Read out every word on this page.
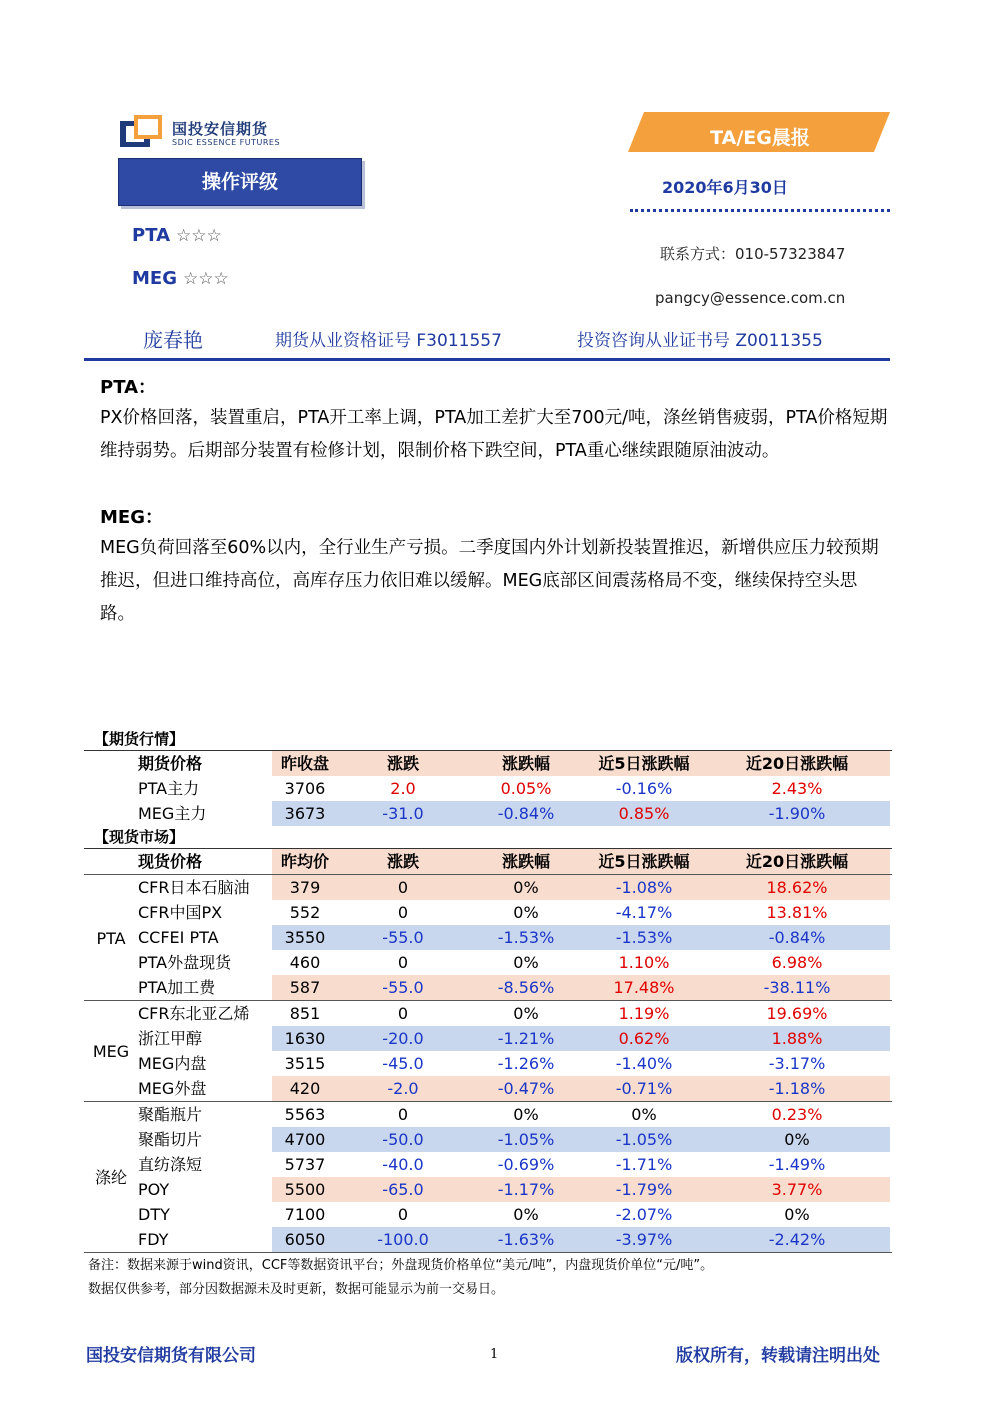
国投安信期货
SDIC ESSENCE FUTURES
操作评级
TA/EG晨报
2020年6月30日
PTA ☆☆☆
MEG ☆☆☆
联系方式：010-57323847
pangcy@essence.com.cn
庞春艳	期货从业资格证号 F3011557	投资咨询从业证书号 Z0011355
PTA：
PX价格回落，装置重启，PTA开工率上调，PTA加工差扩大至700元/吨，涤丝销售疲弱，PTA价格短期维持弱势。后期部分装置有检修计划，限制价格下跌空间，PTA重心继续跟随原油波动。
MEG：
MEG负荷回落至60%以内，全行业生产亏损。二季度国内外计划新投装置推迟，新增供应压力较预期推迟，但进口维持高位，高库存压力依旧难以缓解。MEG底部区间震荡格局不变，继续保持空头思路。
【期货行情】
期货价格	昨收盘	涨跌	涨跌幅	近5日涨跌幅	近20日涨跌幅
PTA主力	3706	2.0	0.05%	-0.16%	2.43%
MEG主力	3673	-31.0	-0.84%	0.85%	-1.90%
【现货市场】
现货价格	昨均价	涨跌	涨跌幅	近5日涨跌幅	近20日涨跌幅
PTA
CFR日本石脑油	379	0	0%	-1.08%	18.62%
CFR中国PX	552	0	0%	-4.17%	13.81%
CCFEI PTA	3550	-55.0	-1.53%	-1.53%	-0.84%
PTA外盘现货	460	0	0%	1.10%	6.98%
PTA加工费	587	-55.0	-8.56%	17.48%	-38.11%
MEG
CFR东北亚乙烯	851	0	0%	1.19%	19.69%
浙江甲醇	1630	-20.0	-1.21%	0.62%	1.88%
MEG内盘	3515	-45.0	-1.26%	-1.40%	-3.17%
MEG外盘	420	-2.0	-0.47%	-0.71%	-1.18%
涤纶
聚酯瓶片	5563	0	0%	0%	0.23%
聚酯切片	4700	-50.0	-1.05%	-1.05%	0%
直纺涤短	5737	-40.0	-0.69%	-1.71%	-1.49%
POY	5500	-65.0	-1.17%	-1.79%	3.77%
DTY	7100	0	0%	-2.07%	0%
FDY	6050	-100.0	-1.63%	-3.97%	-2.42%
备注：数据来源于wind资讯，CCF等数据资讯平台；外盘现货价格单位“美元/吨”，内盘现货价单位“元/吨”。
数据仅供参考，部分因数据源未及时更新，数据可能显示为前一交易日。
国投安信期货有限公司	1	版权所有，转载请注明出处
